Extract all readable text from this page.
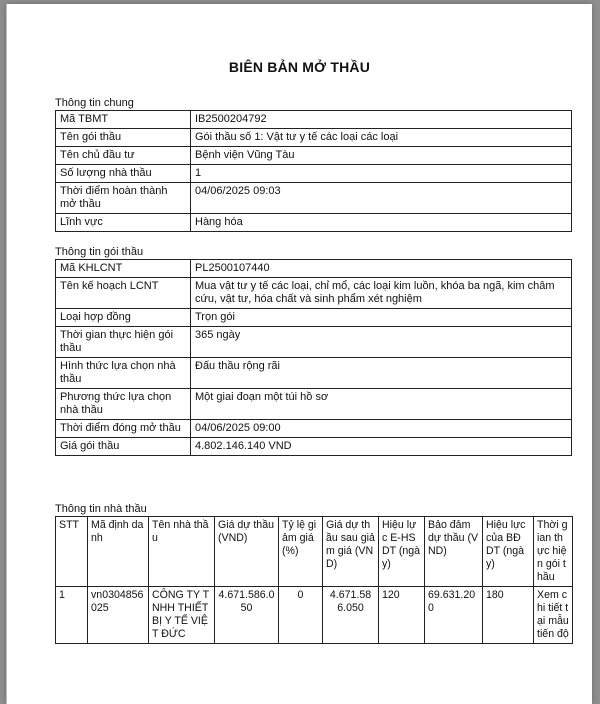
BIÊN BẢN MỞ THẦU
Thông tin chung
Mã TBMT	IB2500204792
Tên gói thầu	Gói thầu số 1: Vật tư y tế các loại các loại
Tên chủ đầu tư	Bệnh viện Vũng Tàu
Số lượng nhà thầu	1
Thời điểm hoàn thành mở thầu	04/06/2025 09:03
Lĩnh vực	Hàng hóa
Thông tin gói thầu
Mã KHLCNT	PL2500107440
Tên kế hoạch LCNT	Mua vật tư y tế các loại, chỉ mổ, các loại kim luồn, khóa ba ngã, kim châm cứu, vật tư, hóa chất và sinh phẩm xét nghiệm
Loại hợp đồng	Trọn gói
Thời gian thực hiện gói thầu	365 ngày
Hình thức lựa chọn nhà thầu	Đấu thầu rộng rãi
Phương thức lựa chọn nhà thầu	Một giai đoạn một túi hồ sơ
Thời điểm đóng mở thầu	04/06/2025 09:00
Giá gói thầu	4.802.146.140 VND
Thông tin nhà thầu
STT	Mã định danh	Tên nhà thầu	Giá dự thầu (VND)	Tỷ lệ giảm giá (%)	Giá dự thầu sau giảm giá (VND)	Hiệu lực E-HSDT (ngày)	Bảo đảm dự thầu (VND)	Hiệu lực của BĐ DT (ngày)	Thời gian thực hiện gói thầu
1	vn0304856025	CÔNG TY TNHH THIẾT BỊ Y TẾ VIỆT ĐỨC	4.671.586.050	0	4.671.586.050	120	69.631.200	180	Xem chi tiết tại mẫu tiến độ
